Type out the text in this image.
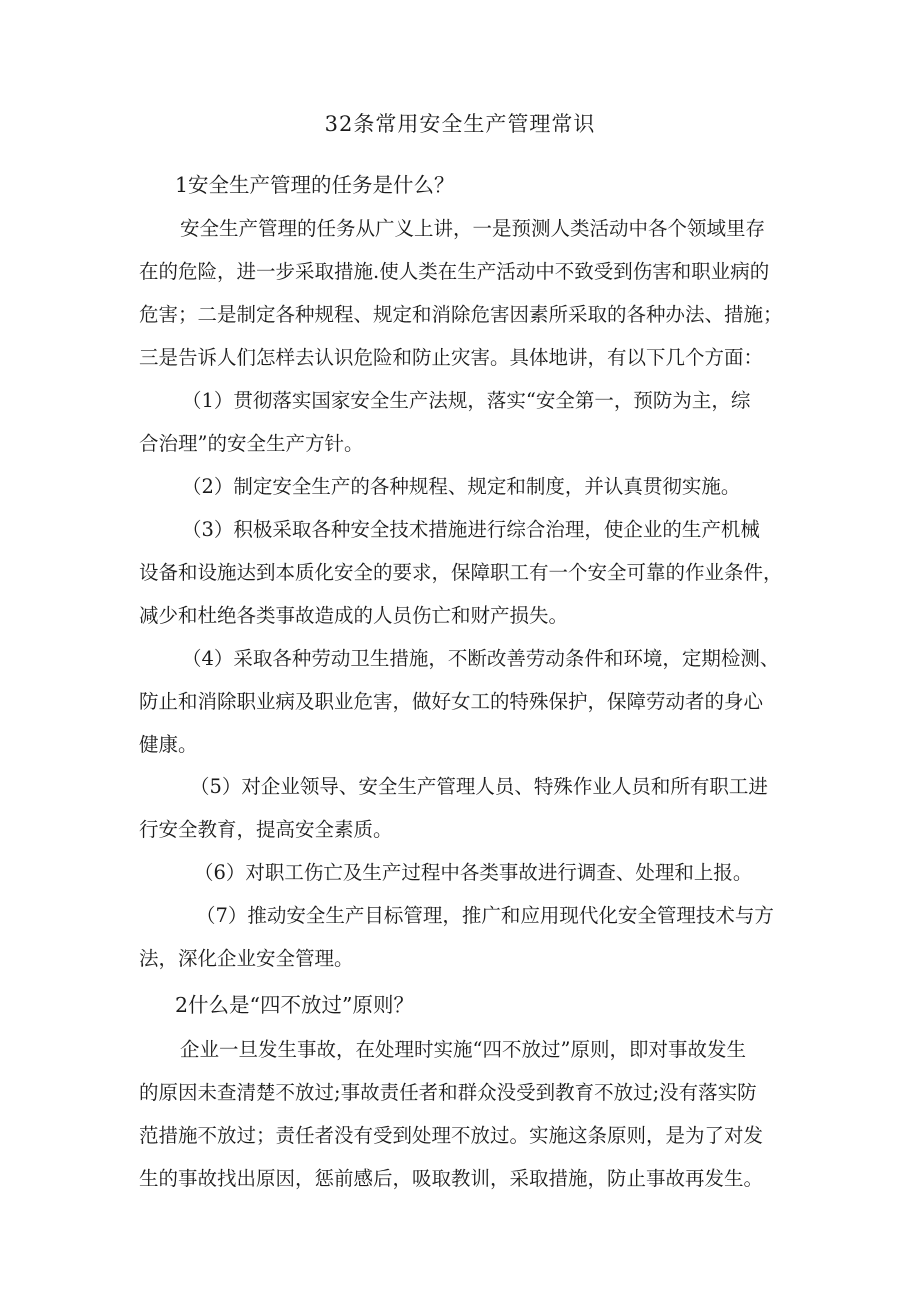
32条常用安全生产管理常识
1安全生产管理的任务是什么？
安全生产管理的任务从广义上讲，一是预测人类活动中各个领域里存
在的危险，进一步采取措施.使人类在生产活动中不致受到伤害和职业病的
危害；二是制定各种规程、规定和消除危害因素所采取的各种办法、措施；
三是告诉人们怎样去认识危险和防止灾害。具体地讲，有以下几个方面：
（1）贯彻落实国家安全生产法规，落实“安全第一，预防为主，综
合治理”的安全生产方针。
（2）制定安全生产的各种规程、规定和制度，并认真贯彻实施。
（3）积极采取各种安全技术措施进行综合治理，使企业的生产机械
设备和设施达到本质化安全的要求，保障职工有一个安全可靠的作业条件，
减少和杜绝各类事故造成的人员伤亡和财产损失。
（4）采取各种劳动卫生措施，不断改善劳动条件和环境，定期检测、
防止和消除职业病及职业危害，做好女工的特殊保护，保障劳动者的身心
健康。
（5）对企业领导、安全生产管理人员、特殊作业人员和所有职工进
行安全教育，提高安全素质。
（6）对职工伤亡及生产过程中各类事故进行调查、处理和上报。
（7）推动安全生产目标管理，推广和应用现代化安全管理技术与方
法，深化企业安全管理。
2什么是“四不放过”原则？
企业一旦发生事故，在处理时实施“四不放过”原则，即对事故发生
的原因未查清楚不放过;事故责任者和群众没受到教育不放过;没有落实防
范措施不放过；责任者没有受到处理不放过。实施这条原则，是为了对发
生的事故找出原因，惩前感后，吸取教训，采取措施，防止事故再发生。
